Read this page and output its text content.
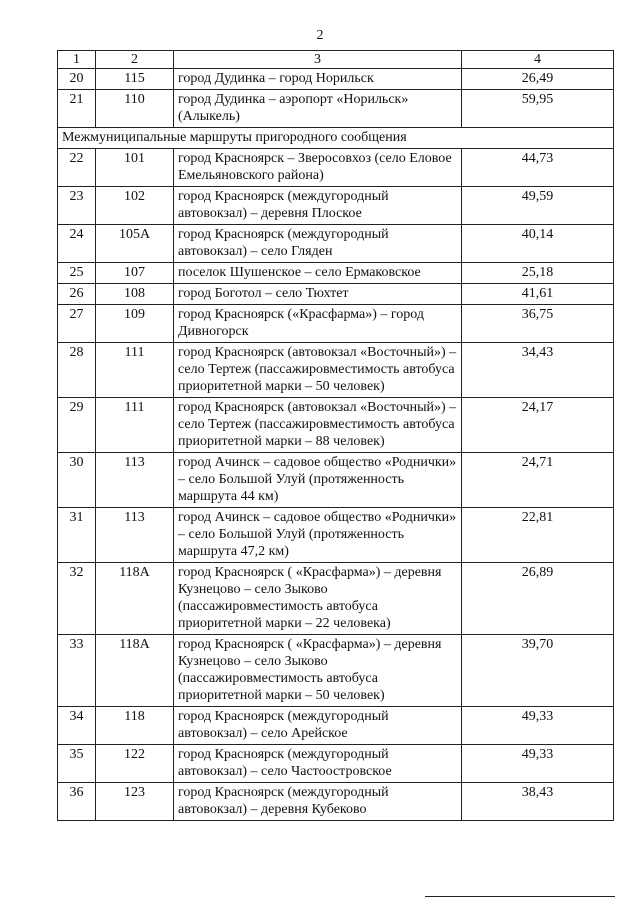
2
1	2	3	4
20	115	город Дудинка – город Норильск	26,49
21	110	город Дудинка – аэропорт «Норильск» (Алыкель)	59,95
Межмуниципальные маршруты пригородного сообщения			
22	101	город Красноярск – Зверосовхоз (село Еловое Емельяновского района)	44,73
23	102	город Красноярск (междугородный автовокзал) – деревня Плоское	49,59
24	105А	город Красноярск (междугородный автовокзал) – село Гляден	40,14
25	107	поселок Шушенское – село Ермаковское	25,18
26	108	город Боготол – село Тюхтет	41,61
27	109	город Красноярск («Красфарма») – город Дивногорск	36,75
28	111	город Красноярск (автовокзал «Восточный») – село Тертеж (пассажировместимость автобуса приоритетной марки – 50 человек)	34,43
29	111	город Красноярск (автовокзал «Восточный») – село Тертеж (пассажировместимость автобуса приоритетной марки – 88 человек)	24,17
30	113	город Ачинск – садовое общество «Роднички» – село Большой Улуй (протяженность маршрута 44 км)	24,71
31	113	город Ачинск – садовое общество «Роднички» – село Большой Улуй (протяженность маршрута 47,2 км)	22,81
32	118А	город Красноярск ( «Красфарма») – деревня Кузнецово – село Зыково (пассажировместимость автобуса приоритетной марки – 22 человека)	26,89
33	118А	город Красноярск ( «Красфарма») – деревня Кузнецово – село Зыково (пассажировместимость автобуса приоритетной марки – 50 человек)	39,70
34	118	город Красноярск (междугородный автовокзал) – село Арейское	49,33
35	122	город Красноярск (междугородный автовокзал) – село Частоостровское	49,33
36	123	город Красноярск (междугородный автовокзал) – деревня Кубеково	38,43
